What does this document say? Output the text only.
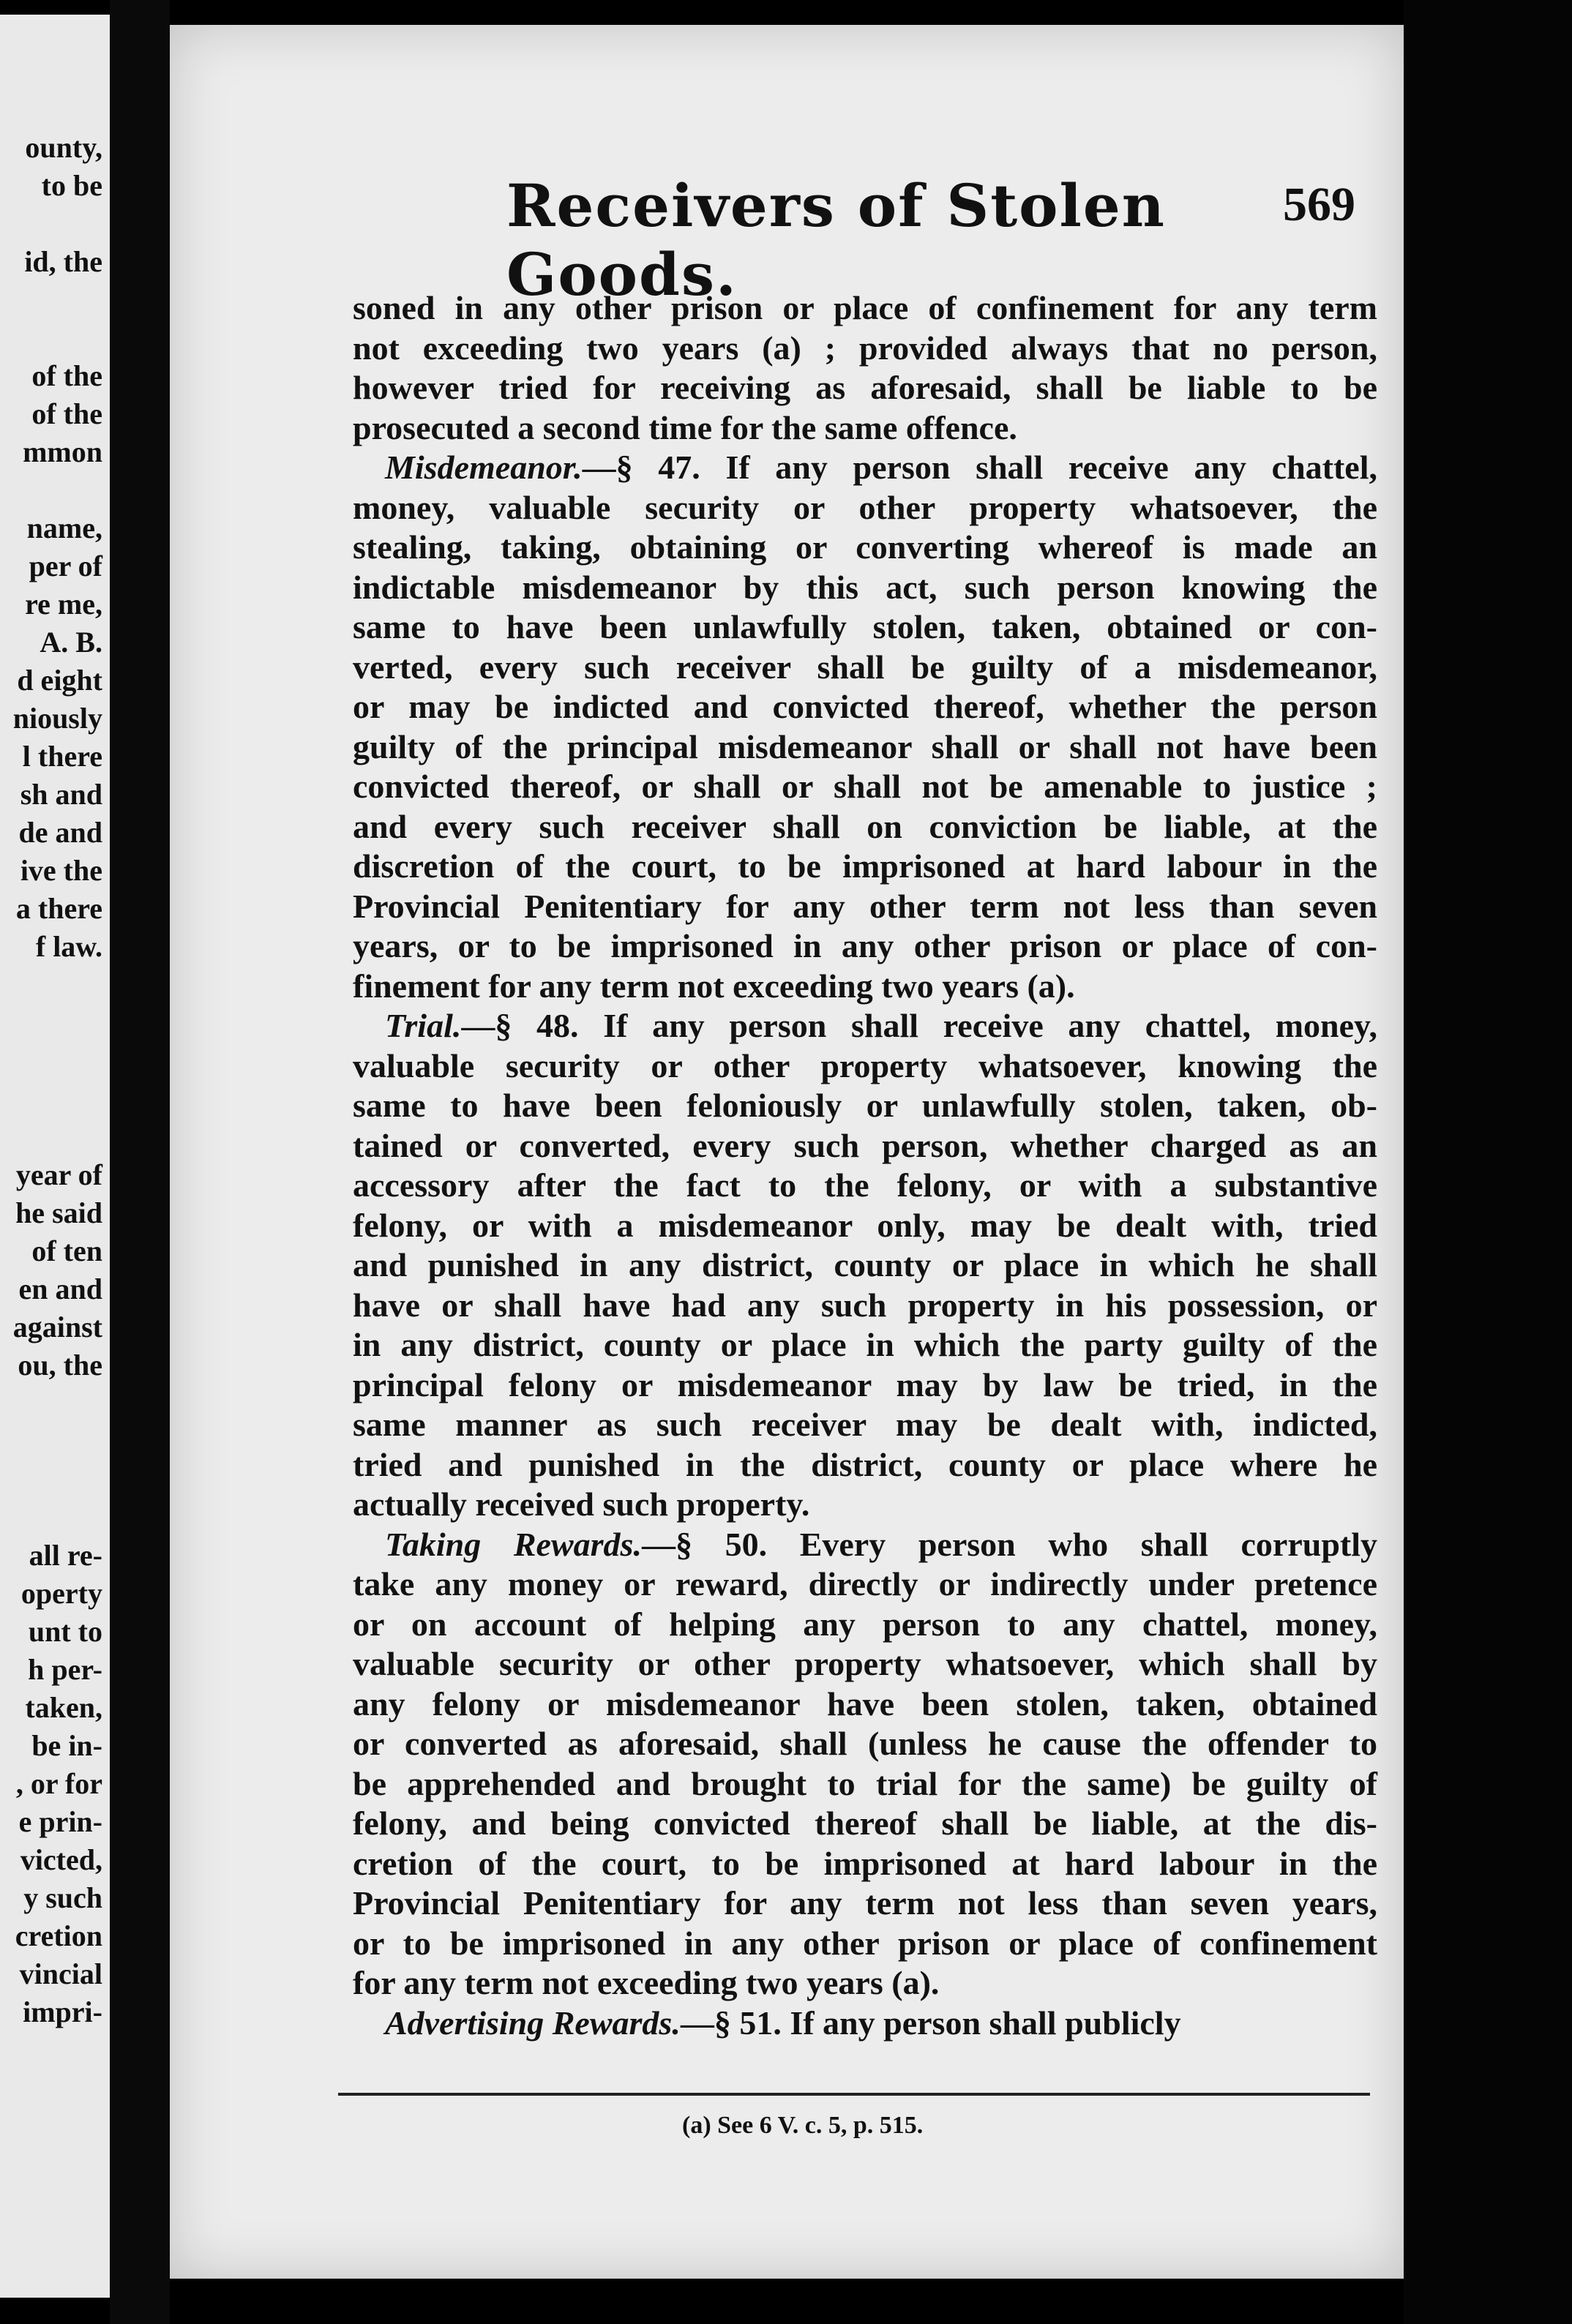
ounty,
to be
id, the
of the
of the
mmon
name,
per of
re me,
A. B.
d eight
niously
l there
sh and
de and
ive the
a there
f law.
year of
he said
of ten
en and
against
ou, the
all re-
operty
unt to
h per-
taken,
be in-
, or for
e prin-
victed,
y such
cretion
vincial
impri-
Receivers of Stolen Goods.
569
soned in any other prison or place of confinement for any term
not exceeding two years (a) ; provided always that no person,
however tried for receiving as aforesaid, shall be liable to be
prosecuted a second time for the same offence.
Misdemeanor.—§ 47. If any person shall receive any chattel,
money, valuable security or other property whatsoever, the
stealing, taking, obtaining or converting whereof is made an
indictable misdemeanor by this act, such person knowing the
same to have been unlawfully stolen, taken, obtained or con-
verted, every such receiver shall be guilty of a misdemeanor,
or may be indicted and convicted thereof, whether the person
guilty of the principal misdemeanor shall or shall not have been
convicted thereof, or shall or shall not be amenable to justice ;
and every such receiver shall on conviction be liable, at the
discretion of the court, to be imprisoned at hard labour in the
Provincial Penitentiary for any other term not less than seven
years, or to be imprisoned in any other prison or place of con-
finement for any term not exceeding two years (a).
Trial.—§ 48. If any person shall receive any chattel, money,
valuable security or other property whatsoever, knowing the
same to have been feloniously or unlawfully stolen, taken, ob-
tained or converted, every such person, whether charged as an
accessory after the fact to the felony, or with a substantive
felony, or with a misdemeanor only, may be dealt with, tried
and punished in any district, county or place in which he shall
have or shall have had any such property in his possession, or
in any district, county or place in which the party guilty of the
principal felony or misdemeanor may by law be tried, in the
same manner as such receiver may be dealt with, indicted,
tried and punished in the district, county or place where he
actually received such property.
Taking Rewards.—§ 50. Every person who shall corruptly
take any money or reward, directly or indirectly under pretence
or on account of helping any person to any chattel, money,
valuable security or other property whatsoever, which shall by
any felony or misdemeanor have been stolen, taken, obtained
or converted as aforesaid, shall (unless he cause the offender to
be apprehended and brought to trial for the same) be guilty of
felony, and being convicted thereof shall be liable, at the dis-
cretion of the court, to be imprisoned at hard labour in the
Provincial Penitentiary for any term not less than seven years,
or to be imprisoned in any other prison or place of confinement
for any term not exceeding two years (a).
Advertising Rewards.—§ 51. If any person shall publicly
(a) See 6 V. c. 5, p. 515.
